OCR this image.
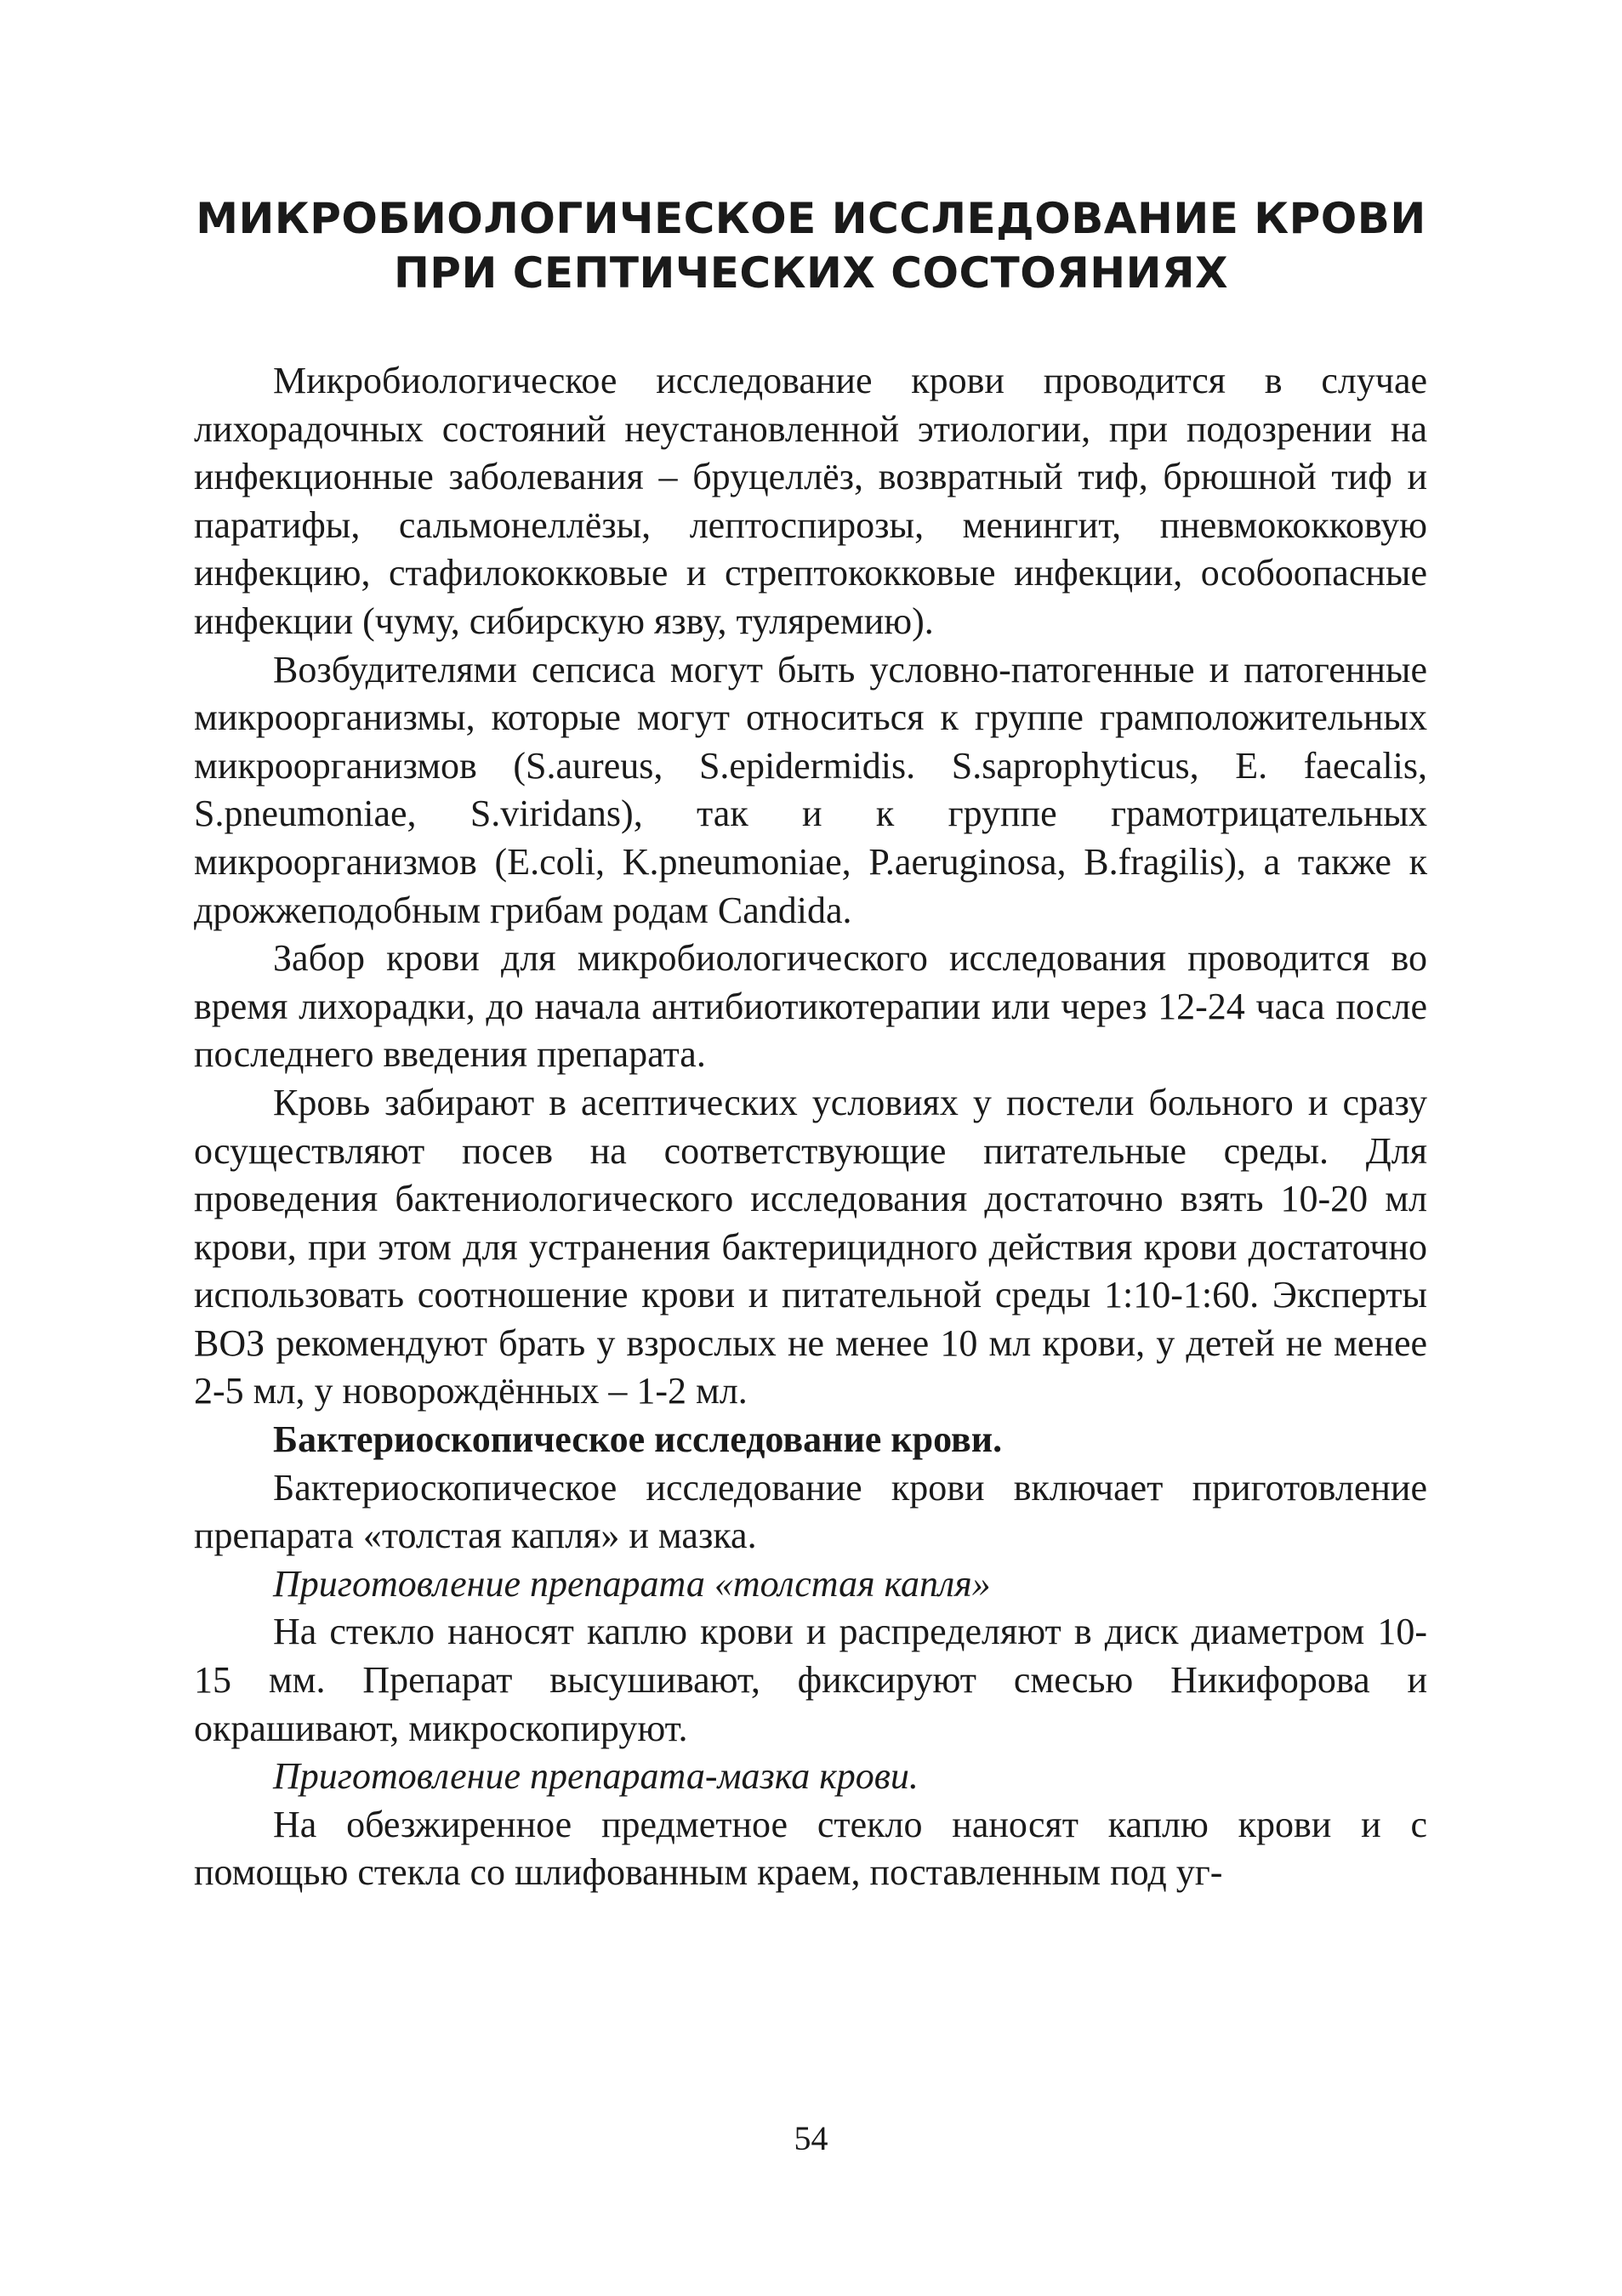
МИКРОБИОЛОГИЧЕСКОЕ ИССЛЕДОВАНИЕ КРОВИ
ПРИ СЕПТИЧЕСКИХ СОСТОЯНИЯХ

Микробиологическое исследование крови проводится в случае лихорадочных состояний неустановленной этиологии, при подозрении на инфекционные заболевания – бруцеллёз, возвратный тиф, брюшной тиф и паратифы, сальмонеллёзы, лептоспирозы, менингит, пневмококковую инфекцию, стафилококковые и стрептококковые инфекции, особоопасные инфекции (чуму, сибирскую язву, туляремию).

Возбудителями сепсиса могут быть условно-патогенные и патогенные микроорганизмы, которые могут относиться к группе грамположительных микроорганизмов (S.aureus, S.epidermidis. S.saprophyticus, E. faecalis, S.pneumoniae, S.viridans), так и к группе грамотрицательных микроорганизмов (E.coli, K.pneumoniae, P.aeruginosa, B.fragilis), а также к дрожжеподобным грибам родам Candida.

Забор крови для микробиологического исследования проводится во время лихорадки, до начала антибиотикотерапии или через 12-24 часа после последнего введения препарата.

Кровь забирают в асептических условиях у постели больного и сразу осуществляют посев на соответствующие питательные среды. Для проведения бактениологического исследования достаточно взять 10-20 мл крови, при этом для устранения бактерицидного действия крови достаточно использовать соотношение крови и питательной среды 1:10-1:60. Эксперты ВОЗ рекомендуют брать у взрослых не менее 10 мл крови, у детей не менее 2-5 мл, у новорождённых – 1-2 мл.

Бактериоскопическое исследование крови.

Бактериоскопическое исследование крови включает приготовление препарата «толстая капля» и мазка.

Приготовление препарата «толстая капля»

На стекло наносят каплю крови и распределяют в диск диаметром 10-15 мм. Препарат высушивают, фиксируют смесью Никифорова и окрашивают, микроскопируют.

Приготовление препарата-мазка крови.

На обезжиренное предметное стекло наносят каплю крови и с помощью стекла со шлифованным краем, поставленным под уг-

54
